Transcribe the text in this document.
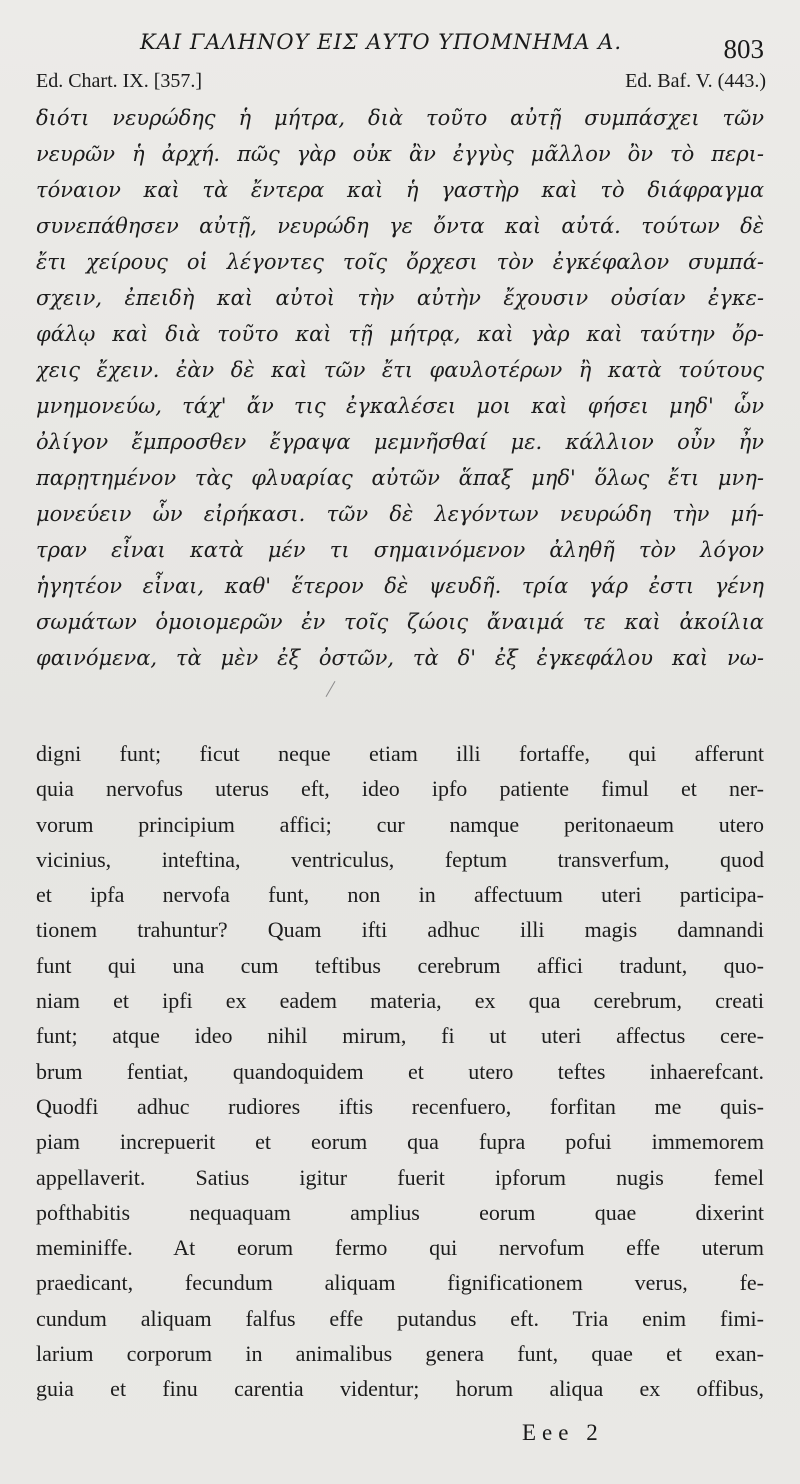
ΚΑΙ ΓΑΛΗΝΟΥ ΕΙΣ ΑΥΤΟ ΥΠΟΜΝΗΜΑ Α.	803
Ed. Chart. IX. [357.]	Ed. Baf. V. (443.)
διότι νευρώδης ἡ μήτρα, διὰ τοῦτο αὐτῇ συμπάσχει τῶν
νευρῶν ἡ ἀρχή. πῶς γὰρ οὐκ ἂν ἐγγὺς μᾶλλον ὂν τὸ περι-
τόναιον καὶ τὰ ἔντερα καὶ ἡ γαστὴρ καὶ τὸ διάφραγμα
συνεπάθησεν αὐτῇ, νευρώδη γε ὄντα καὶ αὐτά. τούτων δὲ
ἔτι χείρους οἱ λέγοντες τοῖς ὄρχεσι τὸν ἐγκέφαλον συμπά-
σχειν, ἐπειδὴ καὶ αὐτοὶ τὴν αὐτὴν ἔχουσιν οὐσίαν ἐγκε-
φάλῳ καὶ διὰ τοῦτο καὶ τῇ μήτρᾳ, καὶ γὰρ καὶ ταύτην ὄρ-
χεις ἔχειν. ἐὰν δὲ καὶ τῶν ἔτι φαυλοτέρων ἢ κατὰ τούτους
μνημονεύω, τάχ' ἄν τις ἐγκαλέσει μοι καὶ φήσει μηδ' ὧν
ὀλίγον ἔμπροσθεν ἔγραψα μεμνῆσθαί με. κάλλιον οὖν ἦν
παρῃτημένον τὰς φλυαρίας αὐτῶν ἅπαξ μηδ' ὅλως ἔτι μνη-
μονεύειν ὧν εἰρήκασι. τῶν δὲ λεγόντων νευρώδη τὴν μή-
τραν εἶναι κατὰ μέν τι σημαινόμενον ἀληθῆ τὸν λόγον
ἡγητέον εἶναι, καθ' ἕτερον δὲ ψευδῆ. τρία γάρ ἐστι γένη
σωμάτων ὁμοιομερῶν ἐν τοῖς ζώοις ἄναιμά τε καὶ ἀκοίλια
φαινόμενα, τὰ μὲν ἐξ ὀστῶν, τὰ δ' ἐξ ἐγκεφάλου καὶ νω-
digni funt; ficut neque etiam illi fortaffe, qui afferunt
quia nervofus uterus eft, ideo ipfo patiente fimul et ner-
vorum principium affici; cur namque peritonaeum utero
vicinius, inteftina, ventriculus, feptum transverfum, quod
et ipfa nervofa funt, non in affectuum uteri participa-
tionem trahuntur? Quam ifti adhuc illi magis damnandi
funt qui una cum teftibus cerebrum affici tradunt, quo-
niam et ipfi ex eadem materia, ex qua cerebrum, creati
funt; atque ideo nihil mirum, fi ut uteri affectus cere-
brum fentiat, quandoquidem et utero teftes inhaerefcant.
Quodfi adhuc rudiores iftis recenfuero, forfitan me quis-
piam increpuerit et eorum qua fupra pofui immemorem
appellaverit. Satius igitur fuerit ipforum nugis femel
pofthabitis nequaquam amplius eorum quae dixerint
meminiffe. At eorum fermo qui nervofum effe uterum
praedicant, fecundum aliquam fignificationem verus, fe-
cundum aliquam falfus effe putandus eft. Tria enim fimi-
larium corporum in animalibus genera funt, quae et exan-
guia et finu carentia videntur; horum aliqua ex offibus,
Eee 2
